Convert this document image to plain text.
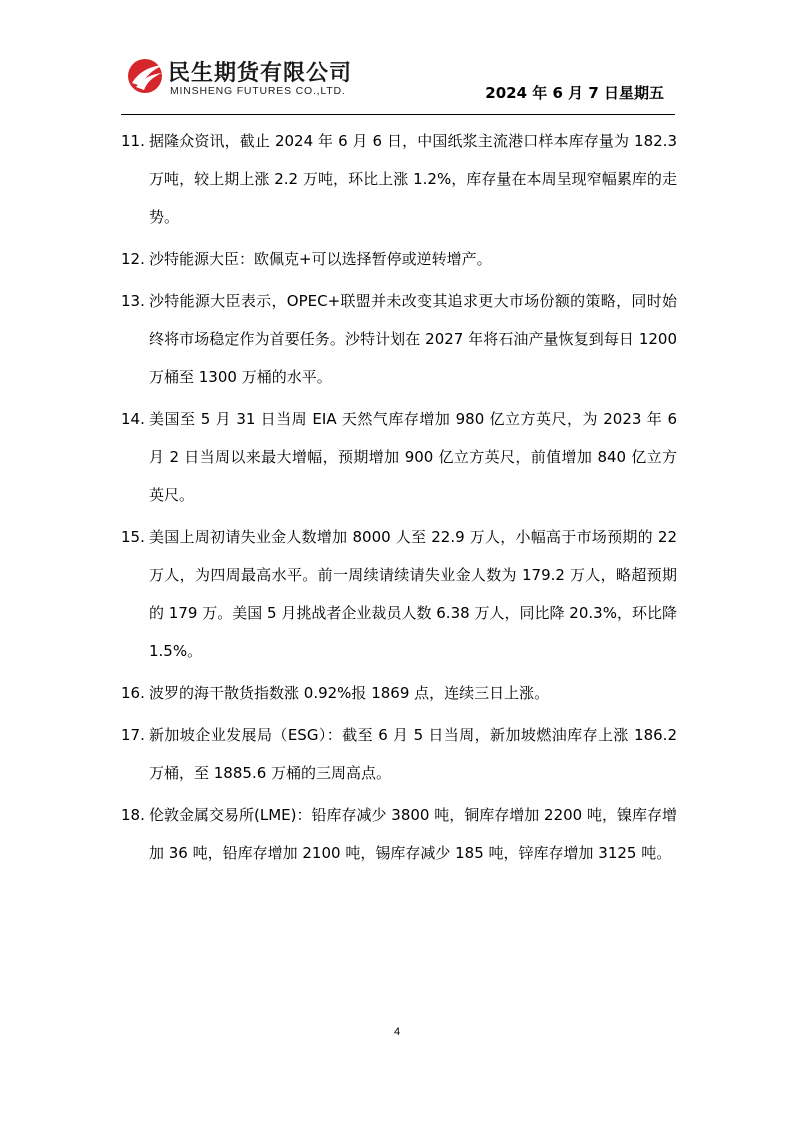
民生期货有限公司
MINSHENG FUTURES CO.,LTD.	2024 年 6 月 7 日星期五
11. 据隆众资讯，截止 2024 年 6 月 6 日，中国纸浆主流港口样本库存量为 182.3 万吨，较上期上涨 2.2 万吨，环比上涨 1.2%，库存量在本周呈现窄幅累库的走势。
12. 沙特能源大臣：欧佩克+可以选择暂停或逆转增产。
13. 沙特能源大臣表示，OPEC+联盟并未改变其追求更大市场份额的策略，同时始终将市场稳定作为首要任务。沙特计划在 2027 年将石油产量恢复到每日 1200 万桶至 1300 万桶的水平。
14. 美国至 5 月 31 日当周 EIA 天然气库存增加 980 亿立方英尺，为 2023 年 6 月 2 日当周以来最大增幅，预期增加 900 亿立方英尺，前值增加 840 亿立方英尺。
15. 美国上周初请失业金人数增加 8000 人至 22.9 万人，小幅高于市场预期的 22 万人，为四周最高水平。前一周续请续请失业金人数为 179.2 万人，略超预期的 179 万。美国 5 月挑战者企业裁员人数 6.38 万人，同比降 20.3%，环比降 1.5%。
16. 波罗的海干散货指数涨 0.92%报 1869 点，连续三日上涨。
17. 新加坡企业发展局（ESG）：截至 6 月 5 日当周，新加坡燃油库存上涨 186.2 万桶，至 1885.6 万桶的三周高点。
18. 伦敦金属交易所(LME)：铅库存减少 3800 吨，铜库存增加 2200 吨，镍库存增加 36 吨，铅库存增加 2100 吨，锡库存减少 185 吨，锌库存增加 3125 吨。
4
